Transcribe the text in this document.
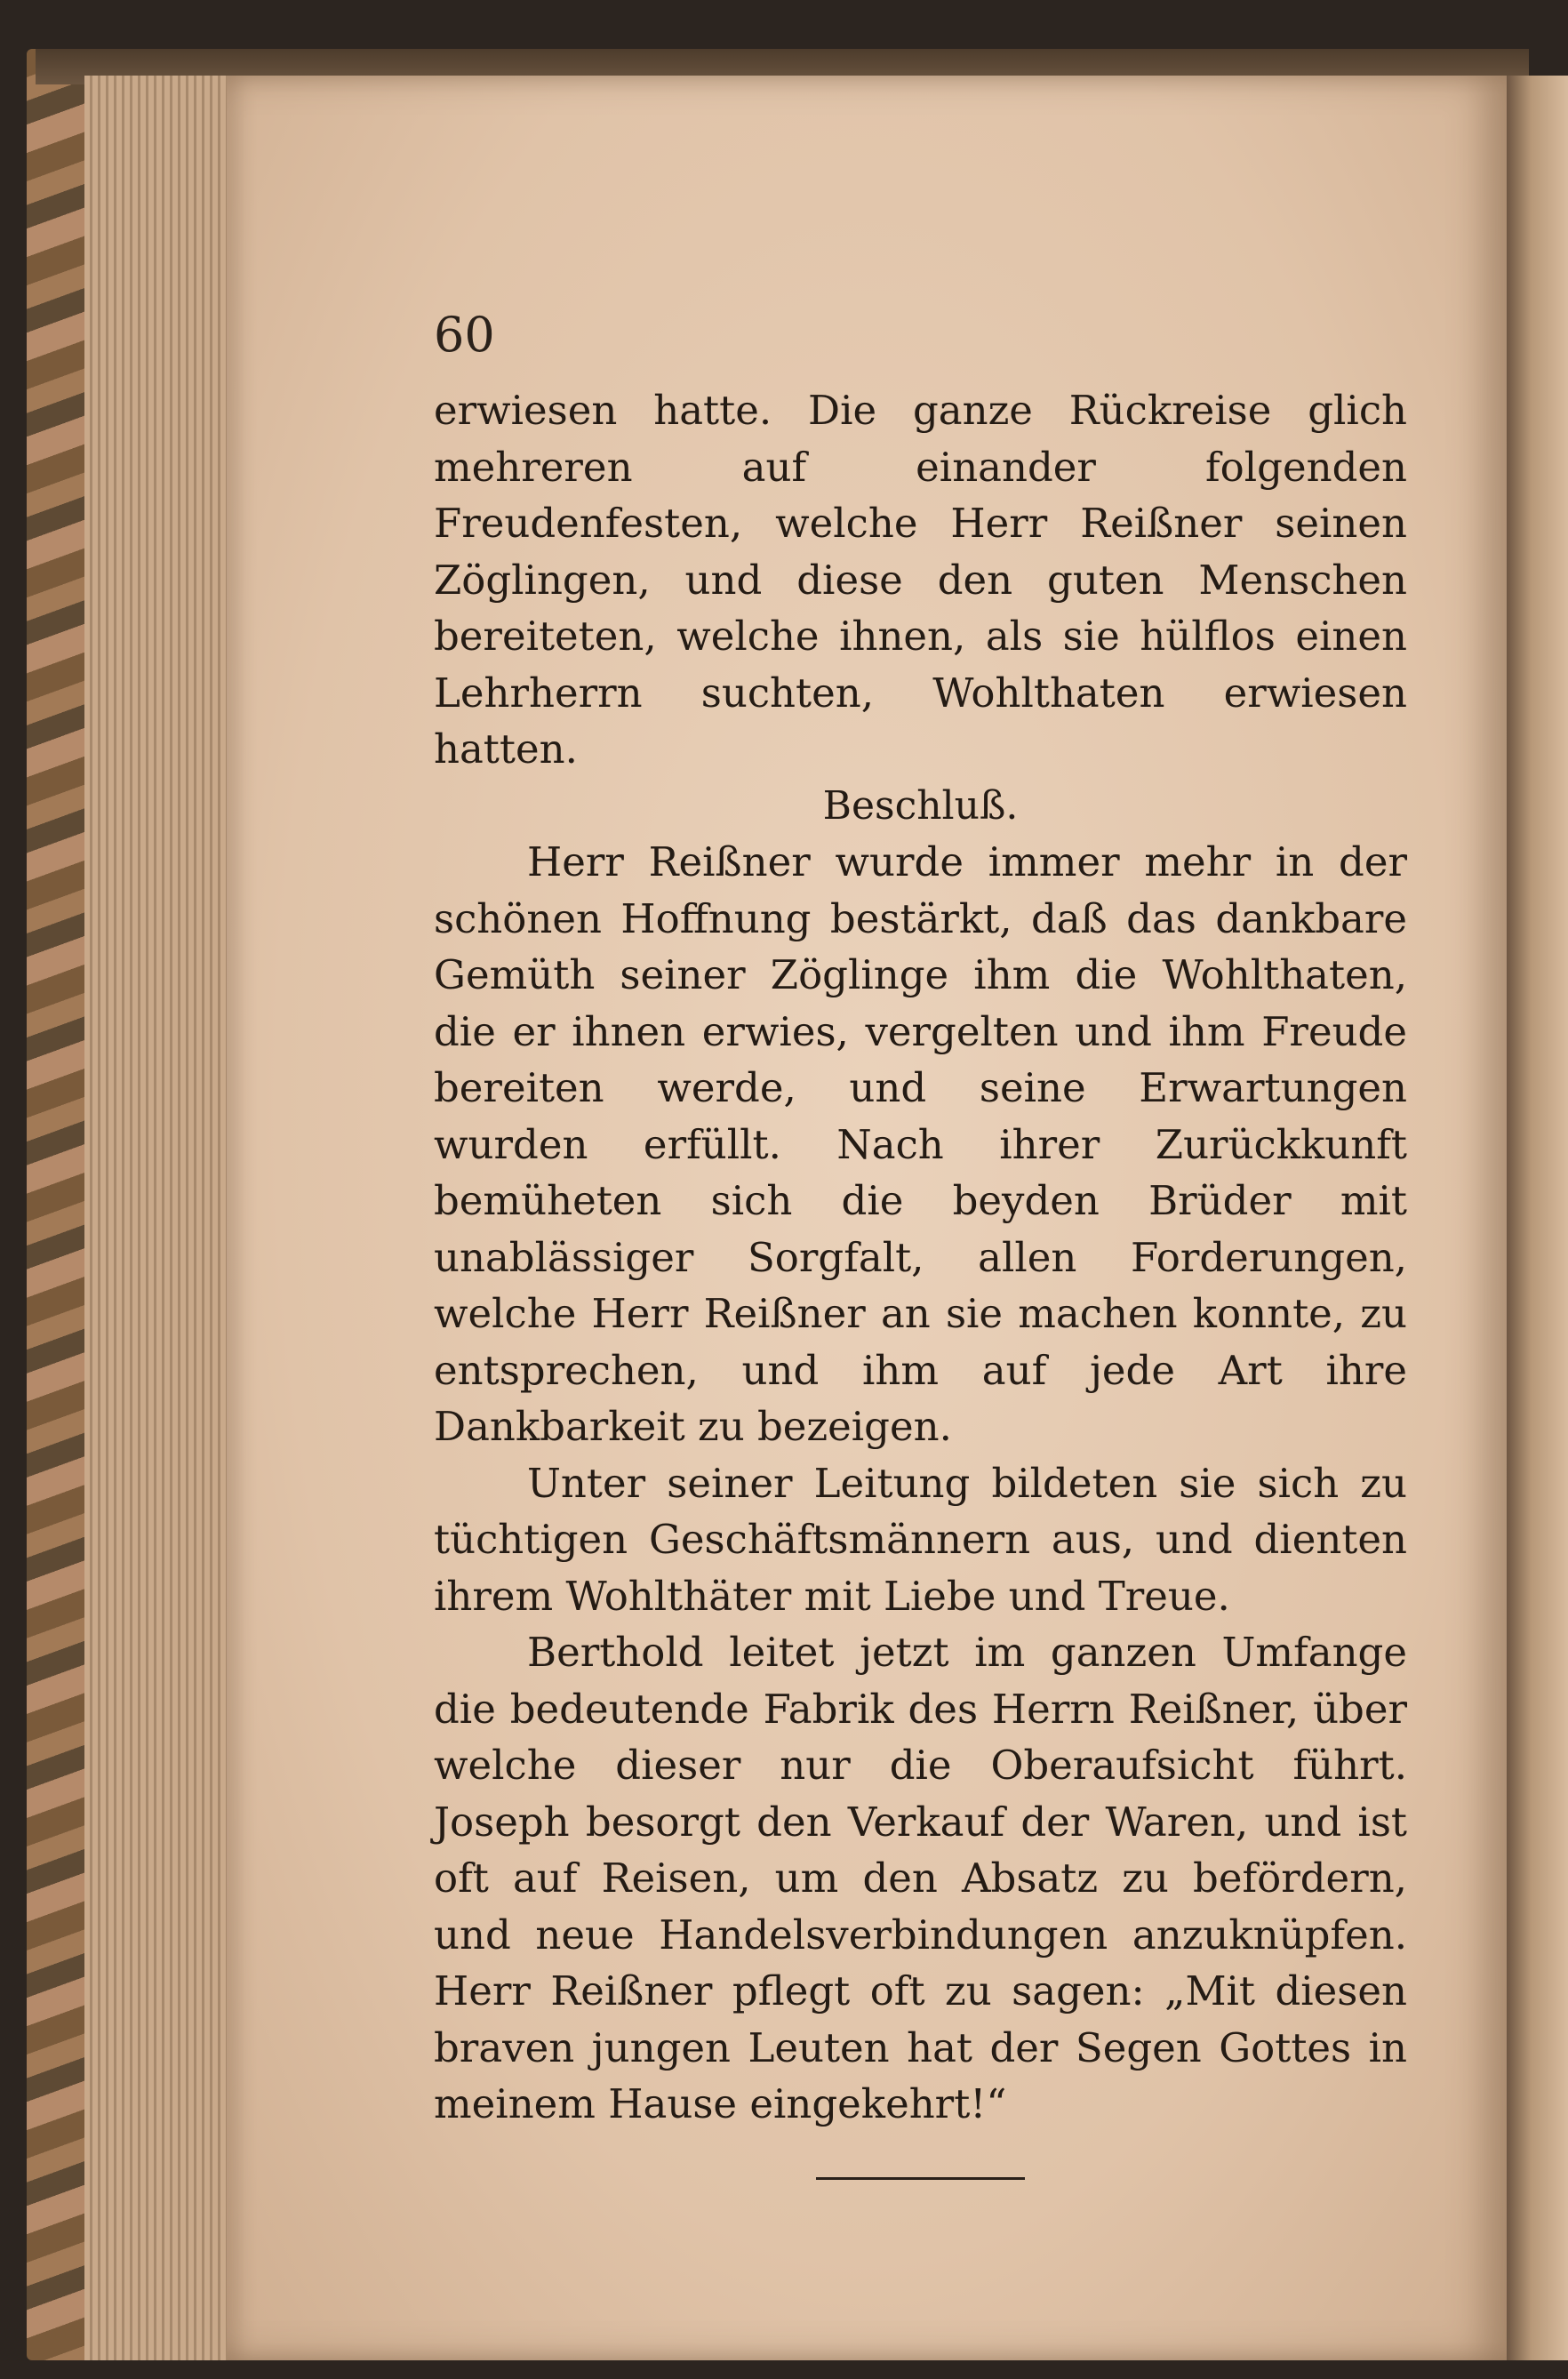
60

erwiesen hatte. Die ganze Rückreise glich mehreren auf einander folgenden Freudenfesten, welche Herr Reißner seinen Zöglingen, und diese den guten Menschen bereiteten, welche ihnen, als sie hülflos einen Lehrherrn suchten, Wohlthaten erwiesen hatten.

Beschluß.

Herr Reißner wurde immer mehr in der schönen Hoffnung bestärkt, daß das dankbare Gemüth seiner Zöglinge ihm die Wohlthaten, die er ihnen erwies, vergelten und ihm Freude bereiten werde, und seine Erwartungen wurden erfüllt. Nach ihrer Zurückkunft bemüheten sich die beyden Brüder mit unablässiger Sorgfalt, allen Forderungen, welche Herr Reißner an sie machen konnte, zu entsprechen, und ihm auf jede Art ihre Dankbarkeit zu bezeigen.

Unter seiner Leitung bildeten sie sich zu tüchtigen Geschäftsmännern aus, und dienten ihrem Wohlthäter mit Liebe und Treue.

Berthold leitet jetzt im ganzen Umfange die bedeutende Fabrik des Herrn Reißner, über welche dieser nur die Oberaufsicht führt. Joseph besorgt den Verkauf der Waren, und ist oft auf Reisen, um den Absatz zu befördern, und neue Handelsverbindungen anzuknüpfen. Herr Reißner pflegt oft zu sagen: „Mit diesen braven jungen Leuten hat der Segen Gottes in meinem Hause eingekehrt!“
